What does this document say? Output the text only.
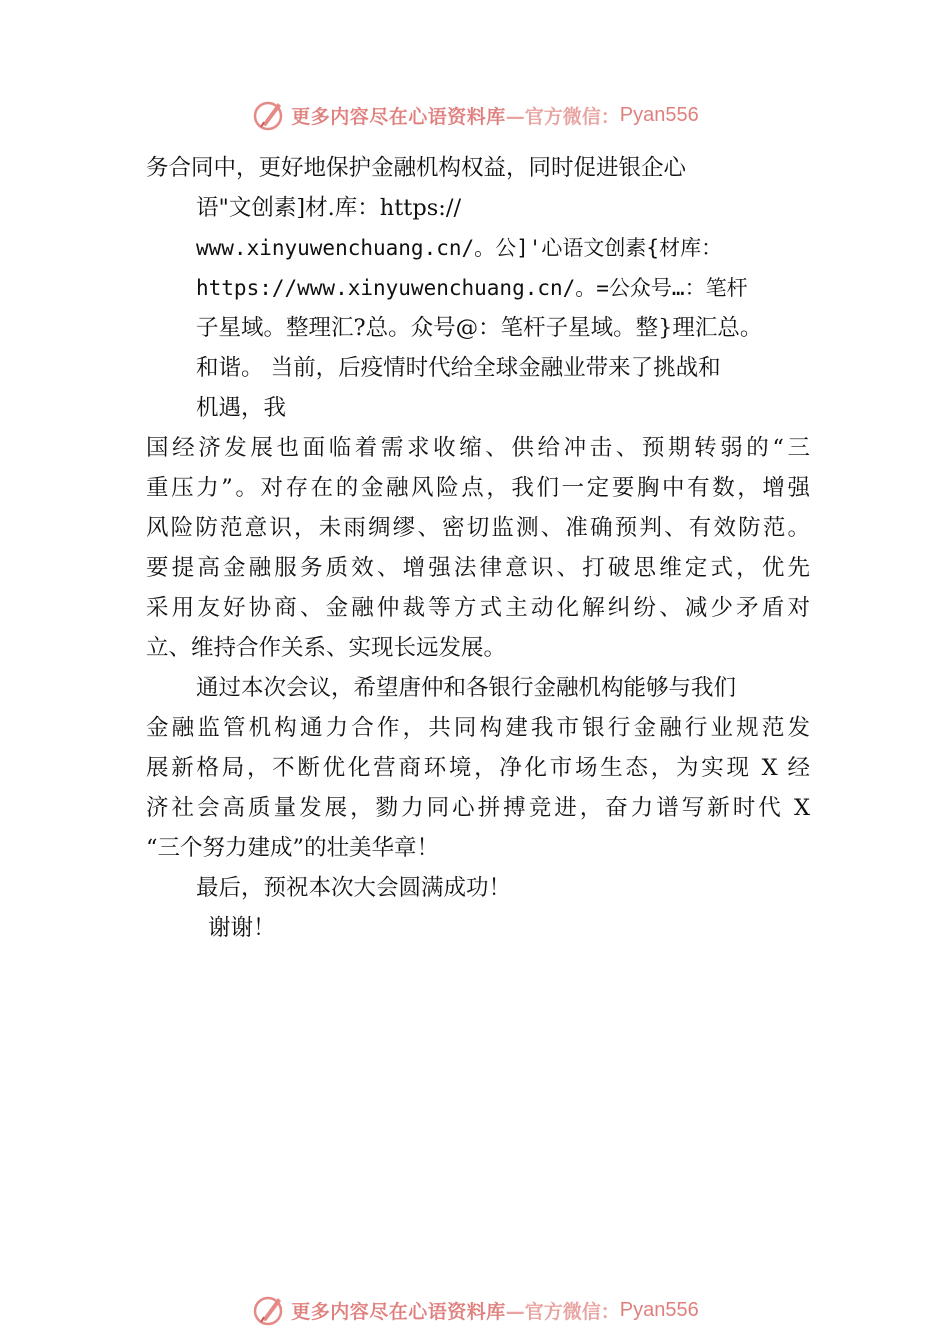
更多内容尽在心语资料库 —官方微信： Pyan556
务合同中，更好地保护金融机构权益，同时促进银企心
语"文创素]材.库：https://
www.xinyuwenchuang.cn/。公]'心语文创素{材库：
https://www.xinyuwenchuang.cn/。=公众号…：笔杆
子星域。整理汇?总。众号@：笔杆子星域。整}理汇总。
和谐。 当前，后疫情时代给全球金融业带来了挑战和
机遇，我
国经济发展也面临着需求收缩、供给冲击、预期转弱的“三
重压力”。对存在的金融风险点，我们一定要胸中有数，增强
风险防范意识，未雨绸缪、密切监测、准确预判、有效防范。
要提高金融服务质效、增强法律意识、打破思维定式，优先
采用友好协商、金融仲裁等方式主动化解纠纷、减少矛盾对
立、维持合作关系、实现长远发展。
通过本次会议，希望唐仲和各银行金融机构能够与我们
金融监管机构通力合作，共同构建我市银行金融行业规范发
展新格局，不断优化营商环境，净化市场生态，为实现 X 经
济社会高质量发展，勠力同心拼搏竞进，奋力谱写新时代 X
“三个努力建成”的壮美华章！
最后，预祝本次大会圆满成功！
谢谢！
更多内容尽在心语资料库 —官方微信： Pyan556
